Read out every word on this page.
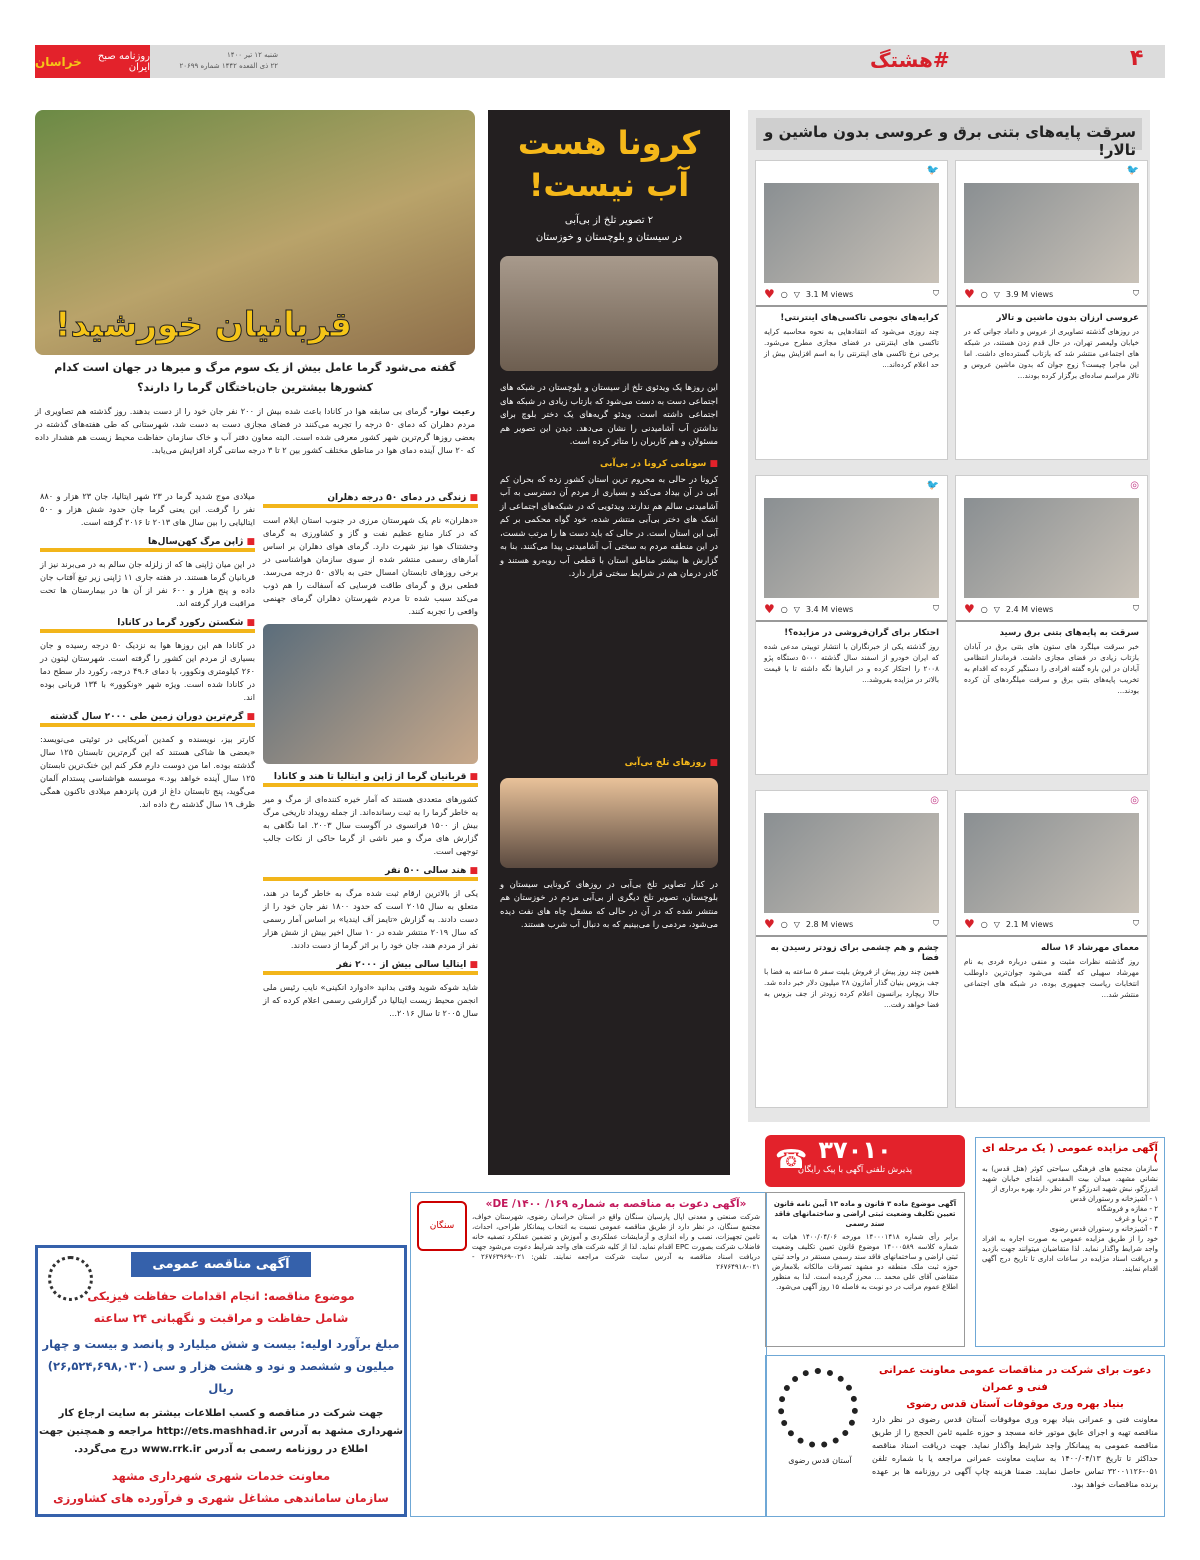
روزنامه صبح ایران
خراسان	شنبه ۱۲ تیر ۱۴۰۰
۲۲ ذی القعده ۱۴۴۲ شماره ۲۰۶۹۹	#هشتگ	۴
سرقت پایه‌های بتنی برق و عروسی بدون ماشین و تالار!
🐦
♥ ○ ▽ 3.9 M views	⛉
عروسی ارزان بدون ماشین و تالار
در روزهای گذشته تصاویری از عروس و داماد جوانی که در خیابان ولیعصر تهران، در حال قدم زدن هستند، در شبکه های اجتماعی منتشر شد که بازتاب گسترده‌ای داشت. اما این ماجرا چیست؟ زوج جوان که بدون ماشین عروس و تالار مراسم ساده‌ای برگزار کرده بودند...
🐦
♥ ○ ▽ 3.1 M views	⛉
کرایه‌های نجومی تاکسی‌های اینترنتی!
چند روزی می‌شود که انتقادهایی به نحوه محاسبه کرایه تاکسی های اینترنتی در فضای مجازی مطرح می‌شود. برخی نرخ تاکسی های اینترنتی را به اسم افزایش بیش از حد اعلام کرده‌اند...
◎
♥ ○ ▽ 2.4 M views	⛉
سرقت به پایه‌های بتنی برق رسید
خبر سرقت میلگرد های ستون های بتنی برق در آبادان بازتاب زیادی در فضای مجازی داشت. فرماندار انتظامی آبادان در این باره گفته افرادی را دستگیر کرده که اقدام به تخریب پایه‌های بتنی برق و سرقت میلگردهای آن کرده بودند...
🐦
♥ ○ ▽ 3.4 M views	⛉
احتکار برای گران‌فروشی در مزایده؟!
روز گذشته یکی از خبرنگاران با انتشار توییتی مدعی شده که ایران خودرو از اسفند سال گذشته ۵۰۰۰ دستگاه پژو ۲۰۰۸ را احتکار کرده و در انبارها نگه داشته تا با قیمت بالاتر در مزایده بفروشد...
◎
♥ ○ ▽ 2.1 M views	⛉
معمای مهرشاد ۱۶ ساله
روز گذشته نظرات مثبت و منفی درباره فردی به نام مهرشاد سهیلی که گفته می‌شود جوان‌ترین داوطلب انتخابات ریاست جمهوری بوده، در شبکه های اجتماعی منتشر شد...
◎
♥ ○ ▽ 2.8 M views	⛉
چشم و هم چشمی برای زودتر رسیدن به فضا
همین چند روز پیش از فروش بلیت سفر ۵ ساعته به فضا با جف بزوس بنیان گذار آمازون ۲۸ میلیون دلار خبر داده شد. حالا ریچارد برانسون اعلام کرده زودتر از جف بزوس به فضا خواهد رفت...
کرونا هست
آب نیست!
۲ تصویر تلخ از بی‌آبی
در سیستان و بلوچستان و خوزستان
این روزها یک ویدئوی تلخ از سیستان و بلوچستان در شبکه های اجتماعی دست به دست می‌شود که بازتاب زیادی در شبکه های اجتماعی داشته است. ویدئو گریه‌های یک دختر بلوچ برای نداشتن آب آشامیدنی را نشان می‌دهد. دیدن این تصویر هم مسئولان و هم کاربران را متاثر کرده است.
■ سونامی کرونا در بی‌آبی
کرونا در حالی به محروم ترین استان کشور زده که بحران کم آبی در آن بیداد می‌کند و بسیاری از مردم آن دسترسی به آب آشامیدنی سالم هم ندارند. ویدئویی که در شبکه‌های اجتماعی از اشک های دختر بی‌آبی منتشر شده، خود گواه محکمی بر کم آبی این استان است. در حالی که باید دست ها را مرتب شست، در این منطقه مردم به سختی آب آشامیدنی پیدا می‌کنند. بنا به گزارش ها بیشتر مناطق استان با قطعی آب روبه‌رو هستند و کادر درمان هم در شرایط سختی قرار دارد.
■ روزهای تلخ بی‌آبی
در کنار تصاویر تلخ بی‌آبی در روزهای کرونایی سیستان و بلوچستان، تصویر تلخ دیگری از بی‌آبی مردم در خوزستان هم منتشر شده که در آن در حالی که مشعل چاه های نفت دیده می‌شود، مردمی را می‌بینیم که به دنبال آب شرب هستند.
قربانیان خورشید!
گفته می‌شود گرما عامل بیش از یک سوم مرگ و میرها در جهان است کدام کشورها بیشترین جان‌باختگان گرما را دارند؟
رعیت نواز- گرمای بی سابقه هوا در کانادا باعث شده بیش از ۲۰۰ نفر جان خود را از دست بدهند. روز گذشته هم تصاویری از مردم دهلران که دمای ۵۰ درجه را تجربه می‌کنند در فضای مجازی دست به دست شد، شهرستانی که طی هفته‌های گذشته در بعضی روزها گرم‌ترین شهر کشور معرفی شده است. البته معاون دفتر آب و خاک سازمان حفاظت محیط زیست هم هشدار داده که ۲۰ سال آینده دمای هوا در مناطق مختلف کشور بین ۲ تا ۳ درجه سانتی گراد افزایش می‌یابد.
■ زندگی در دمای ۵۰ درجه دهلران
«دهلران» نام یک شهرستان مرزی در جنوب استان ایلام است که در کنار منابع عظیم نفت و گاز و کشاورزی به گرمای وحشتناک هوا نیز شهرت دارد. گرمای هوای دهلران بر اساس آمارهای رسمی منتشر شده از سوی سازمان هواشناسی در برخی روزهای تابستان امسال حتی به بالای ۵۰ درجه می‌رسد. قطعی برق و گرمای طاقت فرسایی که آسفالت را هم ذوب می‌کند سبب شده تا مردم شهرستان دهلران گرمای جهنمی واقعی را تجربه کنند.
■ قربانیان گرما از ژاپن و ایتالیا تا هند و کانادا
کشورهای متعددی هستند که آمار خیره کننده‌ای از مرگ و میر به خاطر گرما را به ثبت رسانده‌اند. از جمله رویداد تاریخی مرگ بیش از ۱۵۰۰ فرانسوی در آگوست سال ۲۰۰۳. اما نگاهی به گزارش های مرگ و میر ناشی از گرما حاکی از نکات جالب توجهی است.
■ هند سالی ۵۰۰ نفر
یکی از بالاترین ارقام ثبت شده مرگ به خاطر گرما در هند، متعلق به سال ۲۰۱۵ است که حدود ۱۸۰۰ نفر جان خود را از دست دادند. به گزارش «تایمز آف اینديا» بر اساس آمار رسمی که سال ۲۰۱۹ منتشر شده در ۱۰ سال اخیر بیش از شش هزار نفر از مردم هند، جان خود را بر اثر گرما از دست دادند.
■ ایتالیا سالی بیش از ۲۰۰۰ نفر
شاید شوکه شوید وقتی بدانید «ادوارد انکینی» نایب رئیس ملی انجمن محیط زیست ایتالیا در گزارشی رسمی اعلام کرده که از سال ۲۰۰۵ تا سال ۲۰۱۶...
میلادی موج شدید گرما در ۲۳ شهر ایتالیا، جان ۲۳ هزار و ۸۸۰ نفر را گرفت. این یعنی گرما جان حدود شش هزار و ۵۰۰ ایتالیایی را بین سال های ۲۰۱۳ تا ۲۰۱۶ گرفته است.
■ ژاپن مرگ کهن‌سال‌ها
در این میان ژاپنی ها که از زلزله جان سالم به در می‌برند نیز از قربانیان گرما هستند. در هفته جاری ۱۱ ژاپنی زیر تیغ آفتاب جان داده و پنج هزار و ۶۰۰ نفر از آن ها در بیمارستان ها تحت مراقبت قرار گرفته اند.
■ شکستن رکورد گرما در کانادا
در کانادا هم این روزها هوا به نزدیک ۵۰ درجه رسیده و جان بسیاری از مردم این کشور را گرفته است. شهرستان لیتون در ۲۶۰ کیلومتری ونکوور، با دمای ۴۹.۶ درجه، رکورد دار سطح دما در کانادا شده است. ویژه شهر «ونکوور» با ۱۳۴ قربانی بوده اند.
■ گرم‌ترین دوران زمین طی ۲۰۰۰ سال گذشته
کارتر بیز، نویسنده و کمدین آمریکایی در توئیتی می‌نویسد: «بعضی ها شاکی هستند که این گرم‌ترین تابستان ۱۲۵ سال گذشته بوده. اما من دوست دارم فکر کنم این خنک‌ترین تابستان ۱۲۵ سال آینده خواهد بود.» موسسه هواشناسی پستدام آلمان می‌گوید، پنج تابستان داغ از قرن پانزدهم میلادی تاکنون همگی ظرف ۱۹ سال گذشته رخ داده اند.
آگهی مناقصه عمومی
موضوع مناقصه: انجام اقدامات حفاظت فیزیکی
شامل حفاظت و مراقبت و نگهبانی ۲۴ ساعته
مبلغ برآورد اولیه: بیست و شش میلیارد و پانصد و بیست و چهار
میلیون و ششصد و نود و هشت هزار و سی (۲۶,۵۲۴,۶۹۸,۰۳۰) ریال
جهت شرکت در مناقصه و کسب اطلاعات بیشتر به سایت ارجاع کار
شهرداری مشهد به آدرس http://ets.mashhad.ir مراجعه و همچنین جهت
اطلاع در روزنامه رسمی به آدرس www.rrk.ir درج می‌گردد.
معاونت خدمات شهری شهرداری مشهد
سازمان ساماندهی مشاغل شهری و فرآورده های کشاورزی
سنگان
«آگهی دعوت به مناقصه به شماره ۱۶۹/ DE /۱۴۰۰»
شرکت صنعتی و معدنی اپال پارسیان سنگان واقع در استان خراسان رضوی، شهرستان خواف، مجتمع سنگان، در نظر دارد از طریق مناقصه عمومی نسبت به انتخاب پیمانکار طراحی، احداث، تامین تجهیزات، نصب و راه اندازی و آزمایشات عملکردی و آموزش و تضمین عملکرد تصفیه خانه فاضلاب شرکت بصورت EPC اقدام نماید. لذا از کلیه شرکت های واجد شرایط دعوت می‌شود جهت دریافت اسناد مناقصه به آدرس سایت شرکت مراجعه نمایند. تلفن: ۰۲۱-۲۶۷۶۳۹۶۹ - ۰۲۱-۲۶۷۶۴۹۱۸
۳۷۰۱۰
پذیرش تلفنی آگهی با پیک رایگان
☎
آگهی موضوع ماده ۳ قانون و ماده ۱۳ آیین نامه قانون تعیین تکلیف وضعیت ثبتی اراضی و ساختمانهای فاقد سند رسمی
برابر رأی شماره ۱۴۰۰۰۱۴۱۸ مورخه ۱۴۰۰/۰۴/۰۶ هیات به شماره کلاسه ۱۴۰۰۰۵۸۹ موضوع قانون تعیین تکلیف وضعیت ثبتی اراضی و ساختمانهای فاقد سند رسمی مستقر در واحد ثبتی حوزه ثبت ملک منطقه دو مشهد تصرفات مالکانه بلامعارض متقاضی آقای علی محمد ... محرز گردیده است. لذا به منظور اطلاع عموم مراتب در دو نوبت به فاصله ۱۵ روز آگهی می‌شود.
آگهی مزایده عمومی ( یک مرحله ای )
سازمان مجتمع های فرهنگی سیاحتی کوثر (هتل قدس) به نشانی مشهد، میدان بیت المقدس، ابتدای خیابان شهید اندرزگو، نبش شهید اندرزگو ۲ در نظر دارد بهره برداری از
۱ - آشپزخانه و رستوران قدس
۲ - مغازه و فروشگاه
۳ - تریا و غرف
۴ - آشپزخانه و رستوران قدس رضوی
خود را از طریق مزایده عمومی به صورت اجاره به افراد واجد شرایط واگذار نماید. لذا متقاضیان میتوانند جهت بازدید و دریافت اسناد مزایده در ساعات اداری تا تاریخ درج آگهی اقدام نمایند.
آستان قدس رضوی
دعوت برای شرکت در مناقصات عمومی معاونت عمرانی فنی و عمران
بنیاد بهره وری موقوفات آستان قدس رضوی
معاونت فنی و عمرانی بنیاد بهره وری موقوفات آستان قدس رضوی در نظر دارد مناقصه تهیه و اجرای عایق موتور خانه مسجد و حوزه علمیه ثامن الحجج را از طریق مناقصه عمومی به پیمانکار واجد شرایط واگذار نماید. جهت دریافت اسناد مناقصه حداکثر تا تاریخ ۱۴۰۰/۰۴/۱۳ به سایت معاونت عمرانی مراجعه یا با شماره تلفن ۰۵۱-۳۲۰۰۱۱۲۶ تماس حاصل نمایند. ضمنا هزینه چاپ آگهی در روزنامه ها بر عهده برنده مناقصات خواهد بود.
